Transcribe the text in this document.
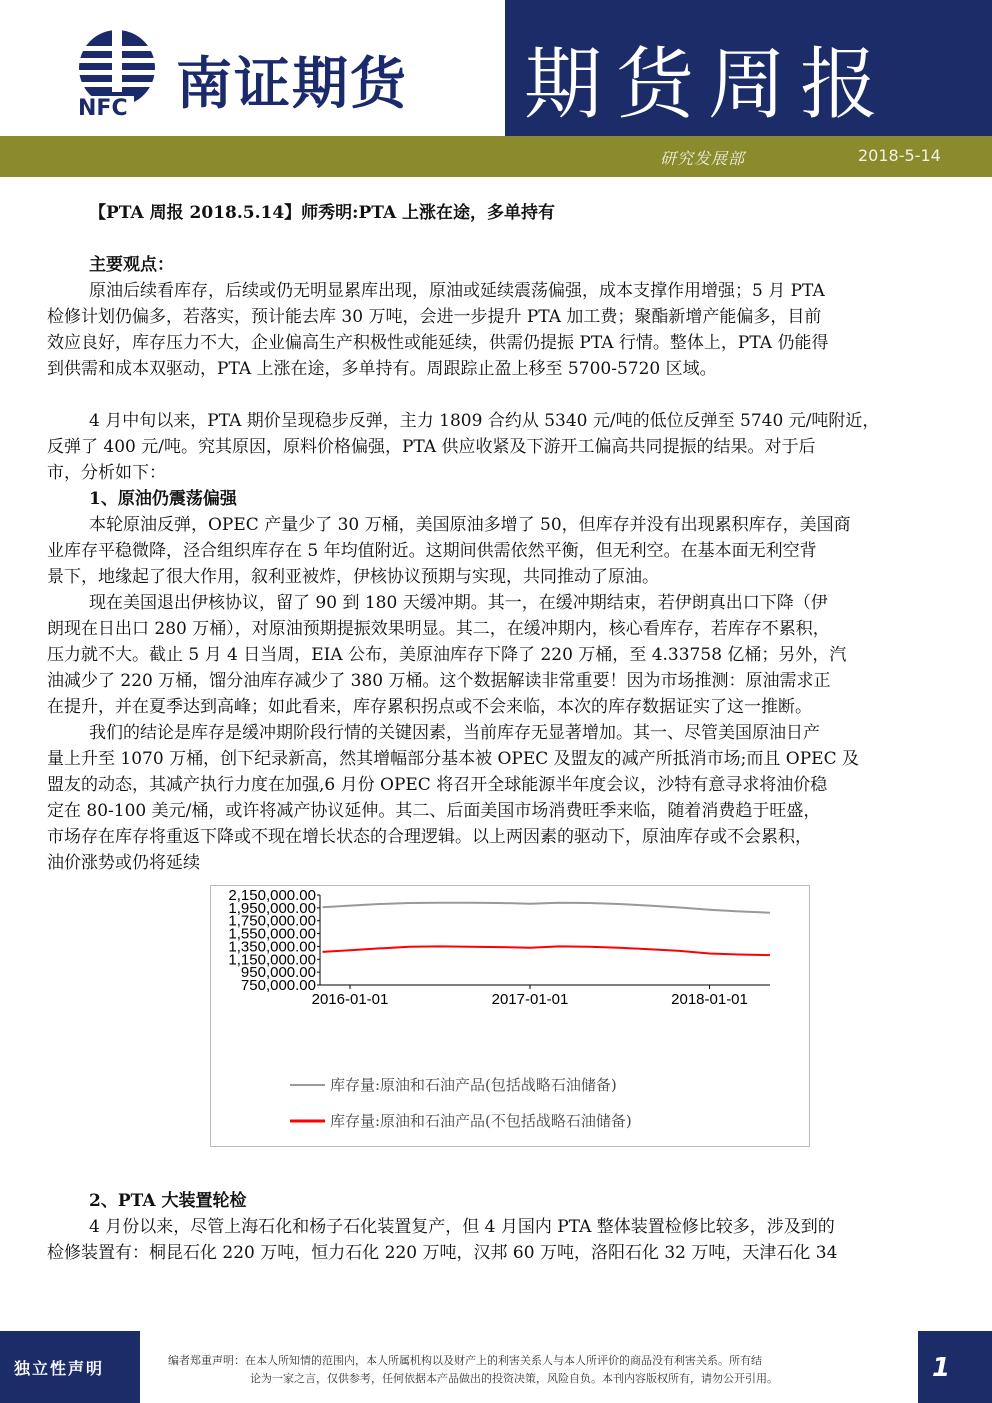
NFC 南证期货 期货周报
研究发展部	2018-5-14
【PTA 周报 2018.5.14】师秀明:PTA 上涨在途，多单持有
主要观点：
原油后续看库存，后续或仍无明显累库出现，原油或延续震荡偏强，成本支撑作用增强；5 月 PTA
检修计划仍偏多，若落实，预计能去库 30 万吨，会进一步提升 PTA 加工费；聚酯新增产能偏多，目前
效应良好，库存压力不大，企业偏高生产积极性或能延续，供需仍提振 PTA 行情。整体上，PTA 仍能得
到供需和成本双驱动，PTA 上涨在途，多单持有。周跟踪止盈上移至 5700-5720 区域。
4 月中旬以来，PTA 期价呈现稳步反弹，主力 1809 合约从 5340 元/吨的低位反弹至 5740 元/吨附近，
反弹了 400 元/吨。究其原因，原料价格偏强，PTA 供应收紧及下游开工偏高共同提振的结果。对于后
市，分析如下：
1、原油仍震荡偏强
本轮原油反弹，OPEC 产量少了 30 万桶，美国原油多增了 50，但库存并没有出现累积库存，美国商
业库存平稳微降，泾合组织库存在 5 年均值附近。这期间供需依然平衡，但无利空。在基本面无利空背
景下，地缘起了很大作用，叙利亚被炸，伊核协议预期与实现，共同推动了原油。
现在美国退出伊核协议，留了 90 到 180 天缓冲期。其一，在缓冲期结束，若伊朗真出口下降（伊
朗现在日出口 280 万桶），对原油预期提振效果明显。其二，在缓冲期内，核心看库存，若库存不累积，
压力就不大。截止 5 月 4 日当周，EIA 公布，美原油库存下降了 220 万桶，至 4.33758 亿桶；另外，汽
油减少了 220 万桶，馏分油库存减少了 380 万桶。这个数据解读非常重要！因为市场推测：原油需求正
在提升，并在夏季达到高峰；如此看来，库存累积拐点或不会来临，本次的库存数据证实了这一推断。
我们的结论是库存是缓冲期阶段行情的关键因素，当前库存无显著增加。其一、尽管美国原油日产
量上升至 1070 万桶，创下纪录新高，然其增幅部分基本被 OPEC 及盟友的减产所抵消市场;而且 OPEC 及
盟友的动态，其减产执行力度在加强,6 月份 OPEC 将召开全球能源半年度会议，沙特有意寻求将油价稳
定在 80-100 美元/桶，或许将减产协议延伸。其二、后面美国市场消费旺季来临，随着消费趋于旺盛，
市场存在库存将重返下降或不现在增长状态的合理逻辑。以上两因素的驱动下，原油库存或不会累积，
油价涨势或仍将延续
2,150,000.00
1,950,000.00
1,750,000.00
1,550,000.00
1,350,000.00
1,150,000.00
950,000.00
750,000.00
2016-01-01	2017-01-01	2018-01-01
库存量:原油和石油产品(包括战略石油储备)
库存量:原油和石油产品(不包括战略石油储备)
2、PTA 大装置轮检
4 月份以来，尽管上海石化和杨子石化装置复产，但 4 月国内 PTA 整体装置检修比较多，涉及到的
检修装置有：桐昆石化 220 万吨，恒力石化 220 万吨，汉邦 60 万吨，洛阳石化 32 万吨，天津石化 34
独立性声明	编者郑重声明：在本人所知情的范围内，本人所属机构以及财产上的利害关系人与本人所评价的商品没有利害关系。所有结
论为一家之言，仅供参考，任何依据本产品做出的投资决策，风险自负。本刊内容版权所有，请勿公开引用。	1
